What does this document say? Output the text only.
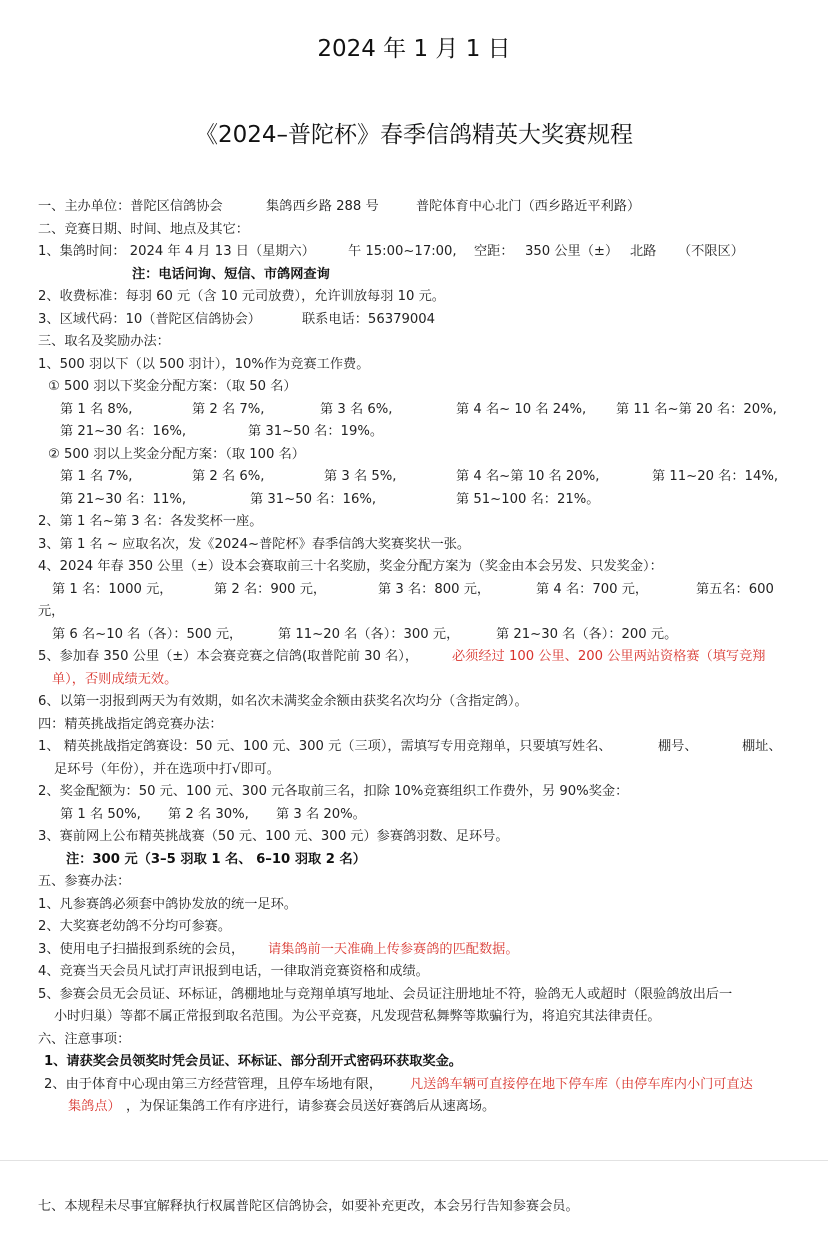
2024 年 1 月 1 日
《2024–普陀杯》春季信鸽精英大奖赛规程
一、主办单位：普陀区信鸽协会	集鸽西乡路 288 号	普陀体育中心北门（西乡路近平利路）
二、竞赛日期、时间、地点及其它：
1、集鸽时间： 2024 年 4 月 13 日（星期六）	午 15:00~17:00, 空距： 350 公里（±） 北路 （不限区）
注：电话问询、短信、市鸽网查询
2、收费标准：每羽 60 元（含 10 元司放费），允许训放每羽 10 元。
3、区域代码：10（普陀区信鸽协会）	联系电话：56379004
三、取名及奖励办法：
1、500 羽以下（以 500 羽计），10%作为竞赛工作费。
① 500 羽以下奖金分配方案：（取 50 名）
第 1 名 8%,	第 2 名 7%,	第 3 名 6%,	第 4 名~ 10 名 24%, 第 11 名~第 20 名：20%,
第 21~30 名：16%,	第 31~50 名：19%。
② 500 羽以上奖金分配方案：（取 100 名）
第 1 名 7%,	第 2 名 6%,	第 3 名 5%,	第 4 名~第 10 名 20%,	第 11~20 名：14%,
第 21~30 名：11%,	第 31~50 名：16%,	第 51~100 名：21%。
2、第 1 名~第 3 名：各发奖杯一座。
3、第 1 名 ~ 应取名次，发《2024~普陀杯》春季信鸽大奖赛奖状一张。
4、2024 年春 350 公里（±）设本会赛取前三十名奖励，奖金分配方案为（奖金由本会另发、只发奖金）：
第 1 名：1000 元，	第 2 名：900 元，	第 3 名：800 元，	第 4 名：700 元，	第五名：600
元，
第 6 名~10 名（各）：500 元，	第 11~20 名（各）：300 元，	第 21~30 名（各）：200 元。
5、参加春 350 公里（±）本会赛竞赛之信鸽(取普陀前 30 名），	必须经过 100 公里、200 公里两站资格赛（填写竞翔
单），否则成绩无效。
6、以第一羽报到两天为有效期，如名次未满奖金余额由获奖名次均分（含指定鸽）。
四：精英挑战指定鸽竞赛办法：
1、 精英挑战指定鸽赛设：50 元、100 元、300 元（三项），需填写专用竞翔单，只要填写姓名、	棚号、	棚址、
足环号（年份），并在选项中打√即可。
2、奖金配额为：50 元、100 元、300 元各取前三名，扣除 10%竞赛组织工作费外，另 90%奖金：
第 1 名 50%, 第 2 名 30%, 第 3 名 20%。
3、赛前网上公布精英挑战赛（50 元、100 元、300 元）参赛鸽羽数、足环号。
注：300 元（3–5 羽取 1 名、 6–10 羽取 2 名）
五、参赛办法：
1、凡参赛鸽必须套中鸽协发放的统一足环。
2、大奖赛老幼鸽不分均可参赛。
3、使用电子扫描报到系统的会员， 请集鸽前一天准确上传参赛鸽的匹配数据。
4、竞赛当天会员凡试打声讯报到电话，一律取消竞赛资格和成绩。
5、参赛会员无会员证、环标证，鸽棚地址与竞翔单填写地址、会员证注册地址不符，验鸽无人或超时（限验鸽放出后一
小时归巢）等都不属正常报到取名范围。为公平竞赛，凡发现营私舞弊等欺骗行为，将追究其法律责任。
六、注意事项：
1、请获奖会员领奖时凭会员证、环标证、部分刮开式密码环获取奖金。
2、由于体育中心现由第三方经营管理，且停车场地有限， 凡送鸽车辆可直接停在地下停车库（由停车库内小门可直达
集鸽点） ，为保证集鸽工作有序进行，请参赛会员送好赛鸽后从速离场。
七、本规程未尽事宜解释执行权属普陀区信鸽协会，如要补充更改，本会另行告知参赛会员。
